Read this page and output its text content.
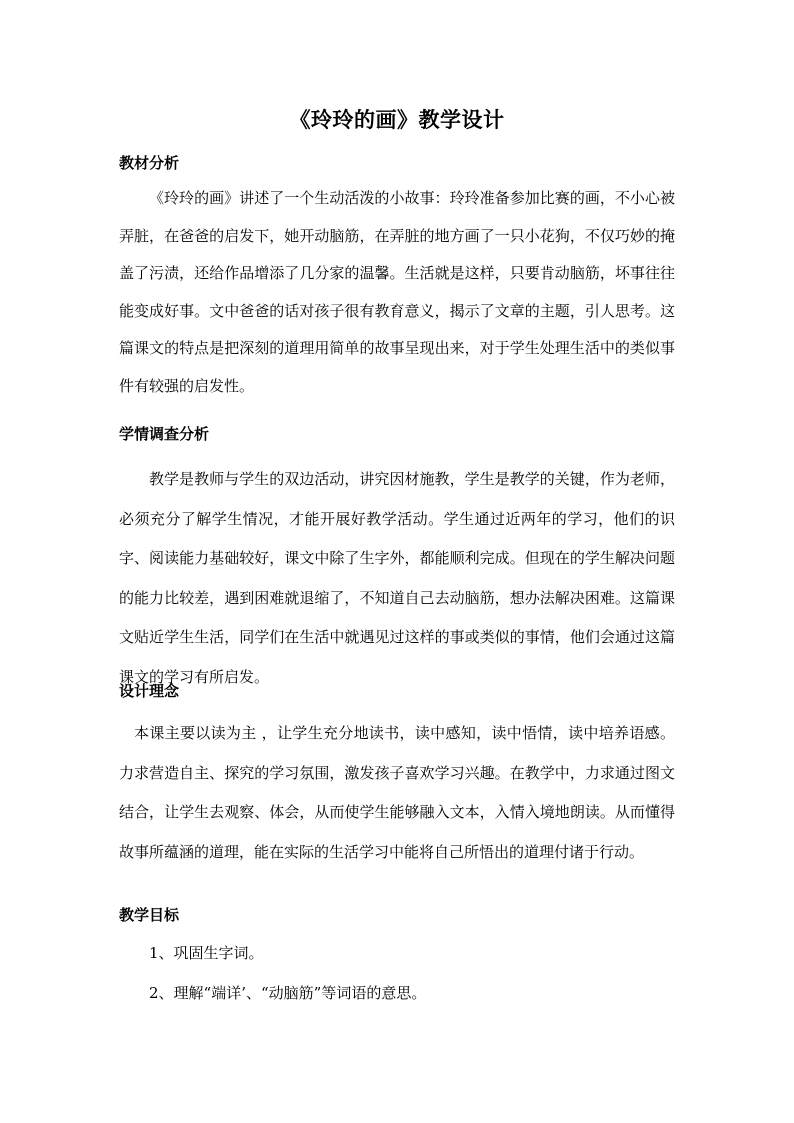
《玲玲的画》教学设计
教材分析

《玲玲的画》讲述了一个生动活泼的小故事：玲玲准备参加比赛的画，不小心被弄脏，在爸爸的启发下，她开动脑筋，在弄脏的地方画了一只小花狗，不仅巧妙的掩盖了污渍，还给作品增添了几分家的温馨。生活就是这样，只要肯动脑筋，坏事往往能变成好事。文中爸爸的话对孩子很有教育意义，揭示了文章的主题，引人思考。这篇课文的特点是把深刻的道理用简单的故事呈现出来，对于学生处理生活中的类似事件有较强的启发性。

学情调查分析

教学是教师与学生的双边活动，讲究因材施教，学生是教学的关键，作为老师，必须充分了解学生情况，才能开展好教学活动。学生通过近两年的学习，他们的识字、阅读能力基础较好，课文中除了生字外，都能顺利完成。但现在的学生解决问题的能力比较差，遇到困难就退缩了，不知道自己去动脑筋，想办法解决困难。这篇课文贴近学生生活，同学们在生活中就遇见过这样的事或类似的事情，他们会通过这篇课文的学习有所启发。

设计理念

本课主要以读为主 ，让学生充分地读书，读中感知，读中悟情，读中培养语感。力求营造自主、探究的学习氛围，激发孩子喜欢学习兴趣。在教学中，力求通过图文结合，让学生去观察、体会，从而使学生能够融入文本，入情入境地朗读。从而懂得故事所蕴涵的道理，能在实际的生活学习中能将自己所悟出的道理付诸于行动。

教学目标
1、巩固生字词。
2、理解“端详’、“动脑筋”等词语的意思。
